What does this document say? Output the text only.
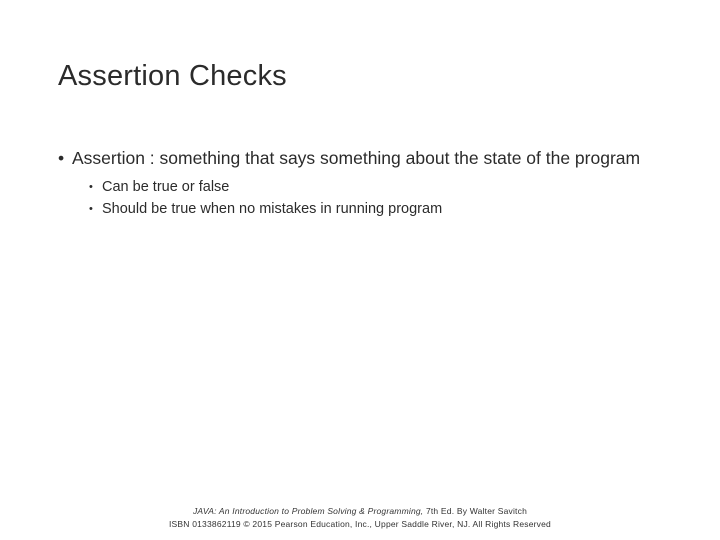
Assertion Checks
• Assertion : something that says something about the state of the program
• Can be true or false
• Should be true when no mistakes in running program
JAVA: An Introduction to Problem Solving & Programming, 7th Ed. By Walter Savitch
ISBN 0133862119 © 2015 Pearson Education, Inc., Upper Saddle River, NJ. All Rights Reserved
